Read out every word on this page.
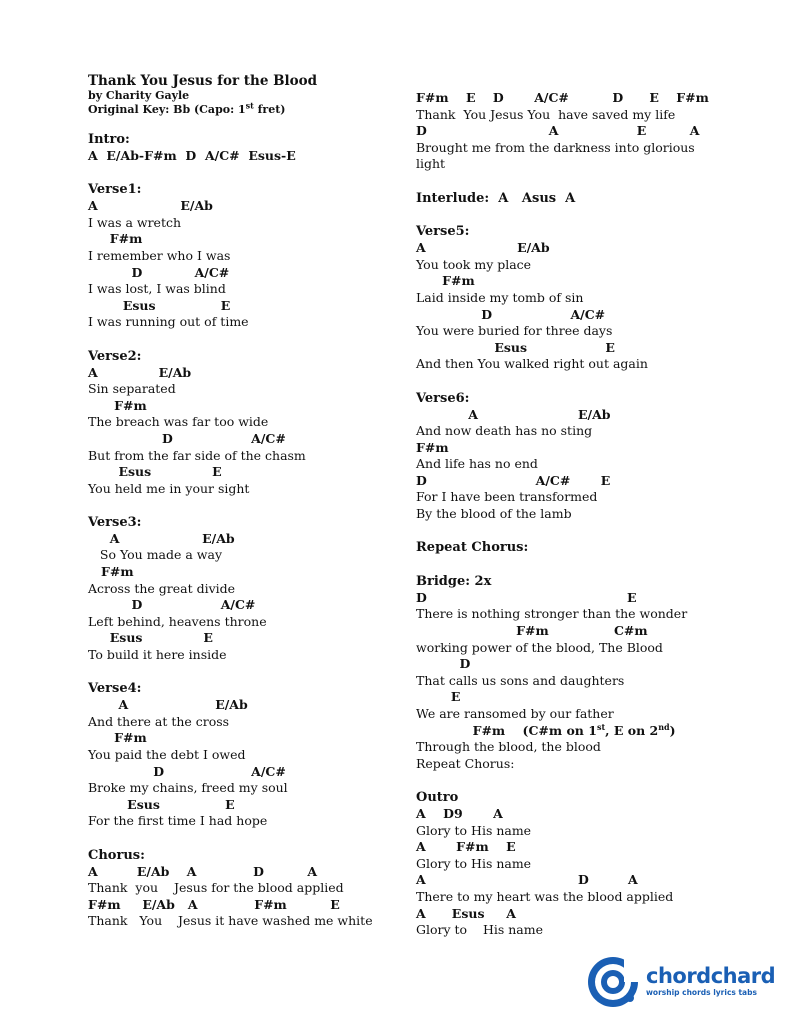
Thank You Jesus for the Blood
by Charity Gayle
Original Key: Bb (Capo: 1st fret)
Intro:
A  E/Ab-F#m  D  A/C#  Esus-E
Verse1:
A                   E/Ab
I was a wretch
F#m
I remember who I was
D            A/C#
I was lost, I was blind
Esus               E
I was running out of time
Verse2:
A              E/Ab
Sin separated
F#m
The breach was far too wide
D                  A/C#
But from the far side of the chasm
Esus              E
You held me in your sight
Verse3:
A                   E/Ab
So You made a way
F#m
Across the great divide
D                  A/C#
Left behind, heavens throne
Esus              E
To build it here inside
Verse4:
A                    E/Ab
And there at the cross
F#m
You paid the debt I owed
D                    A/C#
Broke my chains, freed my soul
Esus               E
For the first time I had hope
Chorus:
A         E/Ab    A             D          A
Thank  you    Jesus for the blood applied
F#m     E/Ab   A             F#m          E
Thank   You    Jesus it have washed me white
F#m    E    D       A/C#          D      E    F#m
Thank  You Jesus You  have saved my life
D                            A                  E          A
Brought me from the darkness into glorious
light
Interlude:  A   Asus  A
Verse5:
A                     E/Ab
You took my place
F#m
Laid inside my tomb of sin
D                  A/C#
You were buried for three days
Esus                  E
And then You walked right out again
Verse6:
A                       E/Ab
And now death has no sting
F#m
And life has no end
D                         A/C#       E
For I have been transformed
By the blood of the lamb
Repeat Chorus:
Bridge: 2x
D                                              E
There is nothing stronger than the wonder
F#m               C#m
working power of the blood, The Blood
D
That calls us sons and daughters
E
We are ransomed by our father
F#m    (C#m on 1st, E on 2nd)
Through the blood, the blood
Repeat Chorus:
Outro
A    D9       A
Glory to His name
A       F#m    E
Glory to His name
A                                   D         A
There to my heart was the blood applied
A      Esus     A
Glory to    His name
chordchard
worship chords lyrics tabs
